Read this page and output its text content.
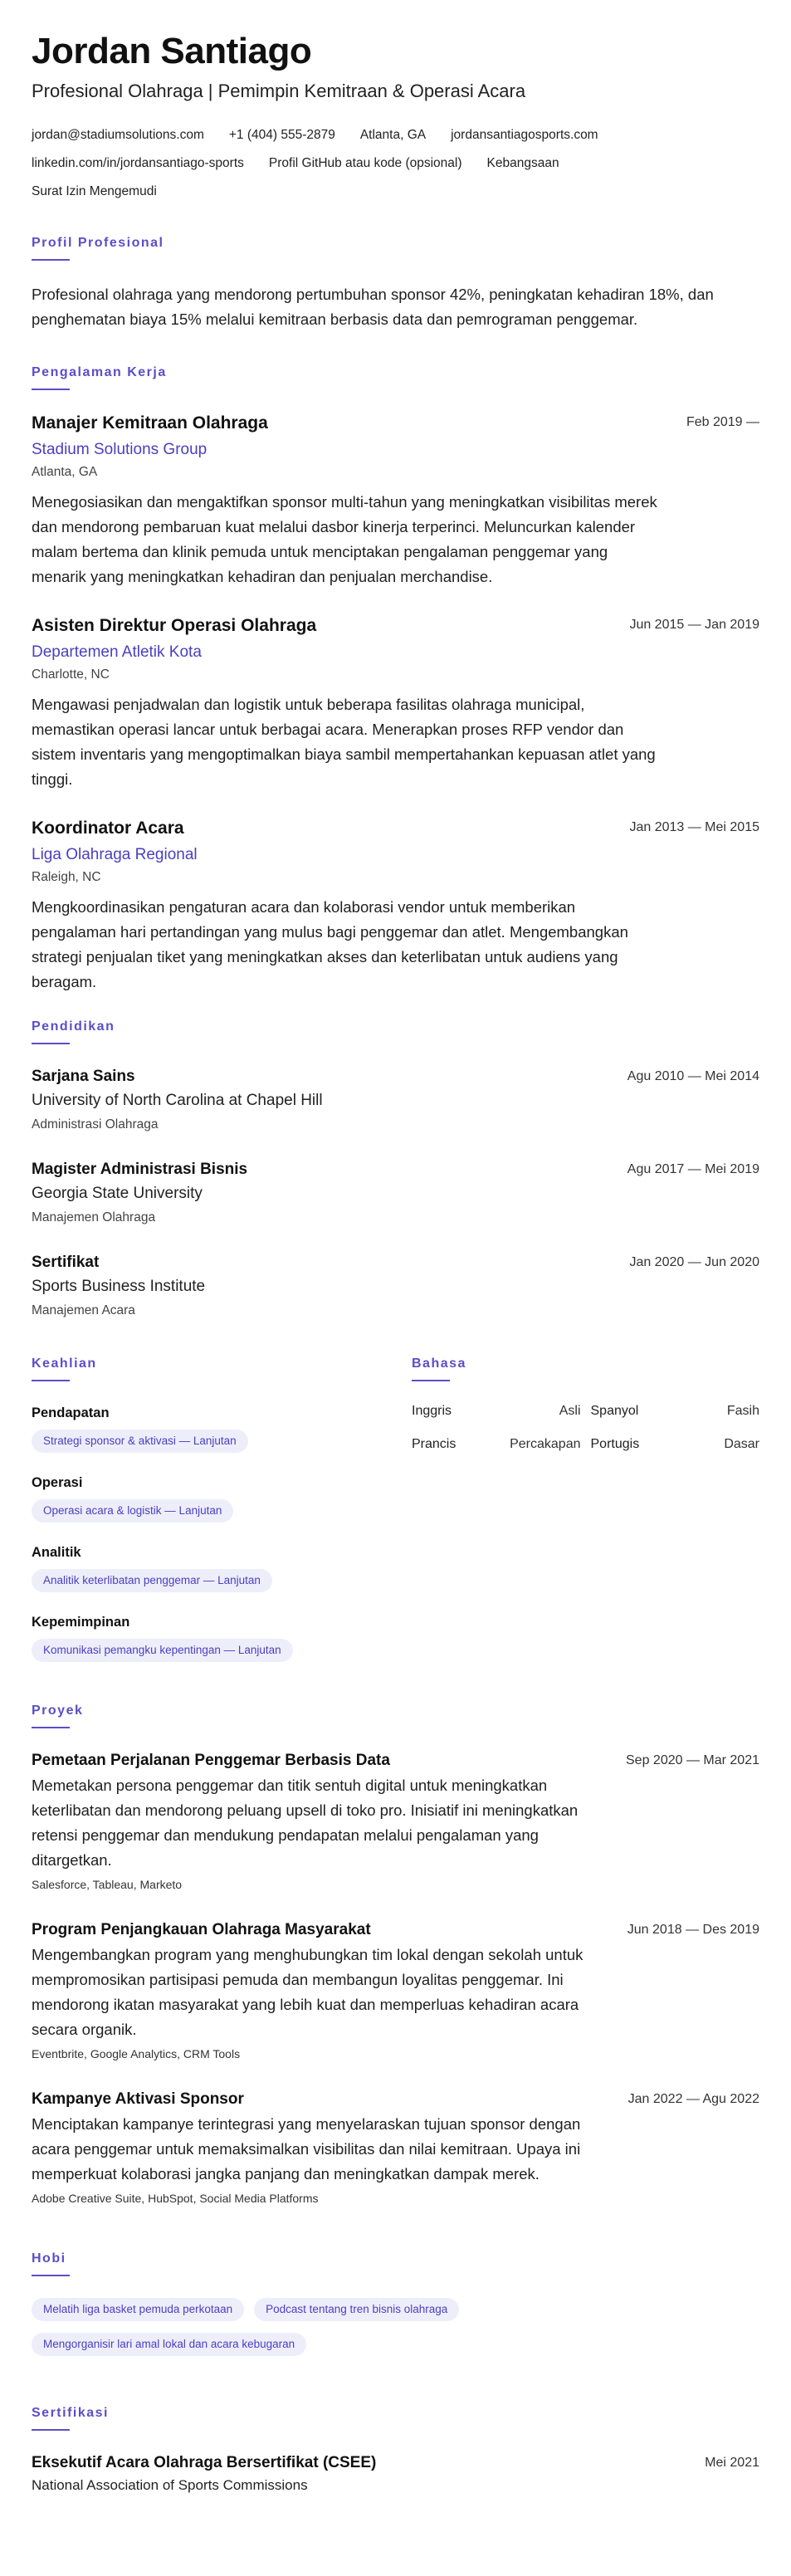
Jordan Santiago
Profesional Olahraga | Pemimpin Kemitraan & Operasi Acara
jordan@stadiumsolutions.com +1 (404) 555-2879 Atlanta, GA jordansantiagosports.com
linkedin.com/in/jordansantiago-sports Profil GitHub atau kode (opsional) Kebangsaan
Surat Izin Mengemudi
Profil Profesional
Profesional olahraga yang mendorong pertumbuhan sponsor 42%, peningkatan kehadiran 18%, dan penghematan biaya 15% melalui kemitraan berbasis data dan pemrograman penggemar.
Pengalaman Kerja
Manajer Kemitraan Olahraga	Feb 2019 —
Stadium Solutions Group
Atlanta, GA
Menegosiasikan dan mengaktifkan sponsor multi-tahun yang meningkatkan visibilitas merek dan mendorong pembaruan kuat melalui dasbor kinerja terperinci. Meluncurkan kalender malam bertema dan klinik pemuda untuk menciptakan pengalaman penggemar yang menarik yang meningkatkan kehadiran dan penjualan merchandise.
Asisten Direktur Operasi Olahraga	Jun 2015 — Jan 2019
Departemen Atletik Kota
Charlotte, NC
Mengawasi penjadwalan dan logistik untuk beberapa fasilitas olahraga municipal, memastikan operasi lancar untuk berbagai acara. Menerapkan proses RFP vendor dan sistem inventaris yang mengoptimalkan biaya sambil mempertahankan kepuasan atlet yang tinggi.
Koordinator Acara	Jan 2013 — Mei 2015
Liga Olahraga Regional
Raleigh, NC
Mengkoordinasikan pengaturan acara dan kolaborasi vendor untuk memberikan pengalaman hari pertandingan yang mulus bagi penggemar dan atlet. Mengembangkan strategi penjualan tiket yang meningkatkan akses dan keterlibatan untuk audiens yang beragam.
Pendidikan
Sarjana Sains	Agu 2010 — Mei 2014
University of North Carolina at Chapel Hill
Administrasi Olahraga
Magister Administrasi Bisnis	Agu 2017 — Mei 2019
Georgia State University
Manajemen Olahraga
Sertifikat	Jan 2020 — Jun 2020
Sports Business Institute
Manajemen Acara
Keahlian
Pendapatan
Strategi sponsor & aktivasi — Lanjutan
Operasi
Operasi acara & logistik — Lanjutan
Analitik
Analitik keterlibatan penggemar — Lanjutan
Kepemimpinan
Komunikasi pemangku kepentingan — Lanjutan
Bahasa
Inggris	Asli Spanyol	Fasih
Prancis	Percakapan Portugis	Dasar
Proyek
Pemetaan Perjalanan Penggemar Berbasis Data	Sep 2020 — Mar 2021
Memetakan persona penggemar dan titik sentuh digital untuk meningkatkan keterlibatan dan mendorong peluang upsell di toko pro. Inisiatif ini meningkatkan retensi penggemar dan mendukung pendapatan melalui pengalaman yang ditargetkan.
Salesforce, Tableau, Marketo
Program Penjangkauan Olahraga Masyarakat	Jun 2018 — Des 2019
Mengembangkan program yang menghubungkan tim lokal dengan sekolah untuk mempromosikan partisipasi pemuda dan membangun loyalitas penggemar. Ini mendorong ikatan masyarakat yang lebih kuat dan memperluas kehadiran acara secara organik.
Eventbrite, Google Analytics, CRM Tools
Kampanye Aktivasi Sponsor	Jan 2022 — Agu 2022
Menciptakan kampanye terintegrasi yang menyelaraskan tujuan sponsor dengan acara penggemar untuk memaksimalkan visibilitas dan nilai kemitraan. Upaya ini memperkuat kolaborasi jangka panjang dan meningkatkan dampak merek.
Adobe Creative Suite, HubSpot, Social Media Platforms
Hobi
Melatih liga basket pemuda perkotaan	Podcast tentang tren bisnis olahraga
Mengorganisir lari amal lokal dan acara kebugaran
Sertifikasi
Eksekutif Acara Olahraga Bersertifikat (CSEE)	Mei 2021
National Association of Sports Commissions
